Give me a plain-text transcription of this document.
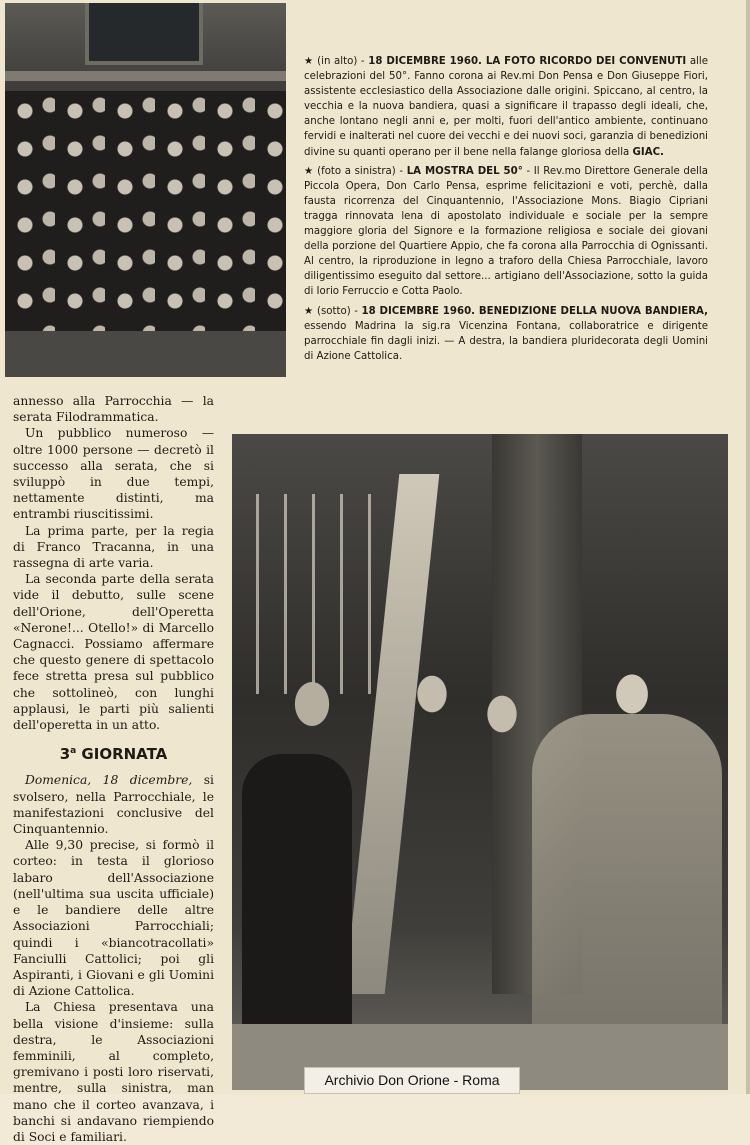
★ (in alto) - 18 DICEMBRE 1960. LA FOTO RICORDO DEI CONVENUTI alle celebrazioni del 50°. Fanno corona ai Rev.mi Don Pensa e Don Giuseppe Fiori, assistente ecclesiastico della Associazione dalle origini. Spiccano, al centro, la vecchia e la nuova bandiera, quasi a significare il trapasso degli ideali, che, anche lontano negli anni e, per molti, fuori dell'antico ambiente, continuano fervidi e inalterati nel cuore dei vecchi e dei nuovi soci, garanzia di benedizioni divine su quanti operano per il bene nella falange gloriosa della GIAC.

★ (foto a sinistra) - LA MOSTRA DEL 50° - Il Rev.mo Direttore Generale della Piccola Opera, Don Carlo Pensa, esprime felicitazioni e voti, perchè, dalla fausta ricorrenza del Cinquantennio, l'Associazione Mons. Biagio Cipriani tragga rinnovata lena di apostolato individuale e sociale per la sempre maggiore gloria del Signore e la formazione religiosa e sociale dei giovani della porzione del Quartiere Appio, che fa corona alla Parrocchia di Ognissanti. Al centro, la riproduzione in legno a traforo della Chiesa Parrocchiale, lavoro diligentissimo eseguito dal settore... artigiano dell'Associazione, sotto la guida di Iorio Ferruccio e Cotta Paolo.

★ (sotto) - 18 DICEMBRE 1960. BENEDIZIONE DELLA NUOVA BANDIERA, essendo Madrina la sig.ra Vicenzina Fontana, collaboratrice e dirigente parrocchiale fin dagli inizi. — A destra, la bandiera pluridecorata degli Uomini di Azione Cattolica.

annesso alla Parrocchia — la serata Filodrammatica.

Un pubblico numeroso — oltre 1000 persone — decretò il successo alla serata, che si sviluppò in due tempi, nettamente distinti, ma entrambi riuscitissimi.

La prima parte, per la regia di Franco Tracanna, in una rassegna di arte varia.

La seconda parte della serata vide il debutto, sulle scene dell'Orione, dell'Operetta «Nerone!... Otello!» di Marcello Cagnacci. Possiamo affermare che questo genere di spettacolo fece stretta presa sul pubblico che sottolineò, con lunghi applausi, le parti più salienti dell'operetta in un atto.

3$^a$ GIORNATA

Domenica, 18 dicembre, si svolsero, nella Parrocchiale, le manifestazioni conclusive del Cinquantennio.

Alle 9,30 precise, si formò il corteo: in testa il glorioso labaro dell'Associazione (nell'ultima sua uscita ufficiale) e le bandiere delle altre Associazioni Parrocchiali; quindi i «biancotracollati» Fanciulli Cattolici; poi gli Aspiranti, i Giovani e gli Uomini di Azione Cattolica.

La Chiesa presentava una bella visione d'insieme: sulla destra, le Associazioni femminili, al completo, gremivano i posti loro riservati, mentre, sulla sinistra, man mano che il corteo avanzava, i banchi si andavano riempiendo di Soci e familiari.

Archivio Don Orione - Roma
